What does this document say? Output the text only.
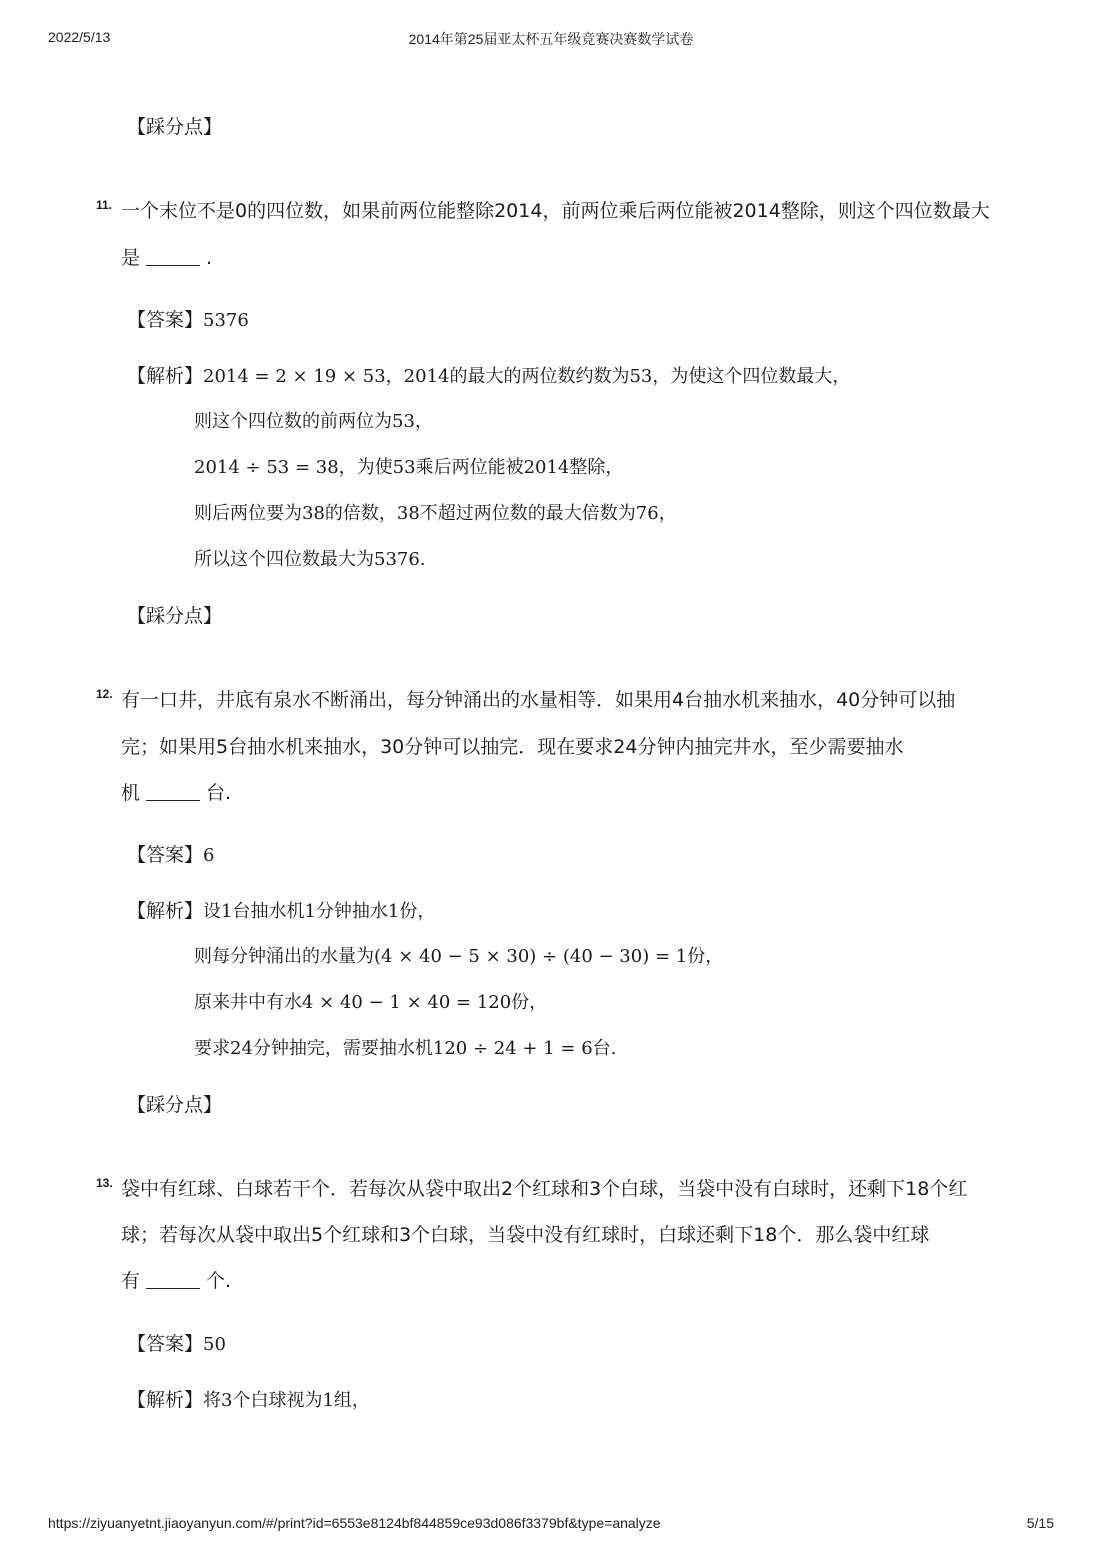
2022/5/13	2014年第25届亚太杯五年级竞赛决赛数学试卷
【踩分点】
11. 一个末位不是0的四位数，如果前两位能整除2014，前两位乘后两位能被2014整除，则这个四位数最大
是	.
【答案】5376
【解析】2014 = 2 × 19 × 53，2014的最大的两位数约数为53，为使这个四位数最大，
则这个四位数的前两位为53，
2014 ÷ 53 = 38，为使53乘后两位能被2014整除，
则后两位要为38的倍数，38不超过两位数的最大倍数为76，
所以这个四位数最大为5376.
【踩分点】
12. 有一口井，井底有泉水不断涌出，每分钟涌出的水量相等．如果用4台抽水机来抽水，40分钟可以抽
完；如果用5台抽水机来抽水，30分钟可以抽完．现在要求24分钟内抽完井水，至少需要抽水
机	台.
【答案】6
【解析】设1台抽水机1分钟抽水1份，
则每分钟涌出的水量为(4 × 40 − 5 × 30) ÷ (40 − 30) = 1份，
原来井中有水4 × 40 − 1 × 40 = 120份，
要求24分钟抽完，需要抽水机120 ÷ 24 + 1 = 6台.
【踩分点】
13. 袋中有红球、白球若干个．若每次从袋中取出2个红球和3个白球，当袋中没有白球时，还剩下18个红
球；若每次从袋中取出5个红球和3个白球，当袋中没有红球时，白球还剩下18个．那么袋中红球
有	个.
【答案】50
【解析】将3个白球视为1组，
https://ziyuanyetnt.jiaoyanyun.com/#/print?id=6553e8124bf844859ce93d086f3379bf&type=analyze	5/15
